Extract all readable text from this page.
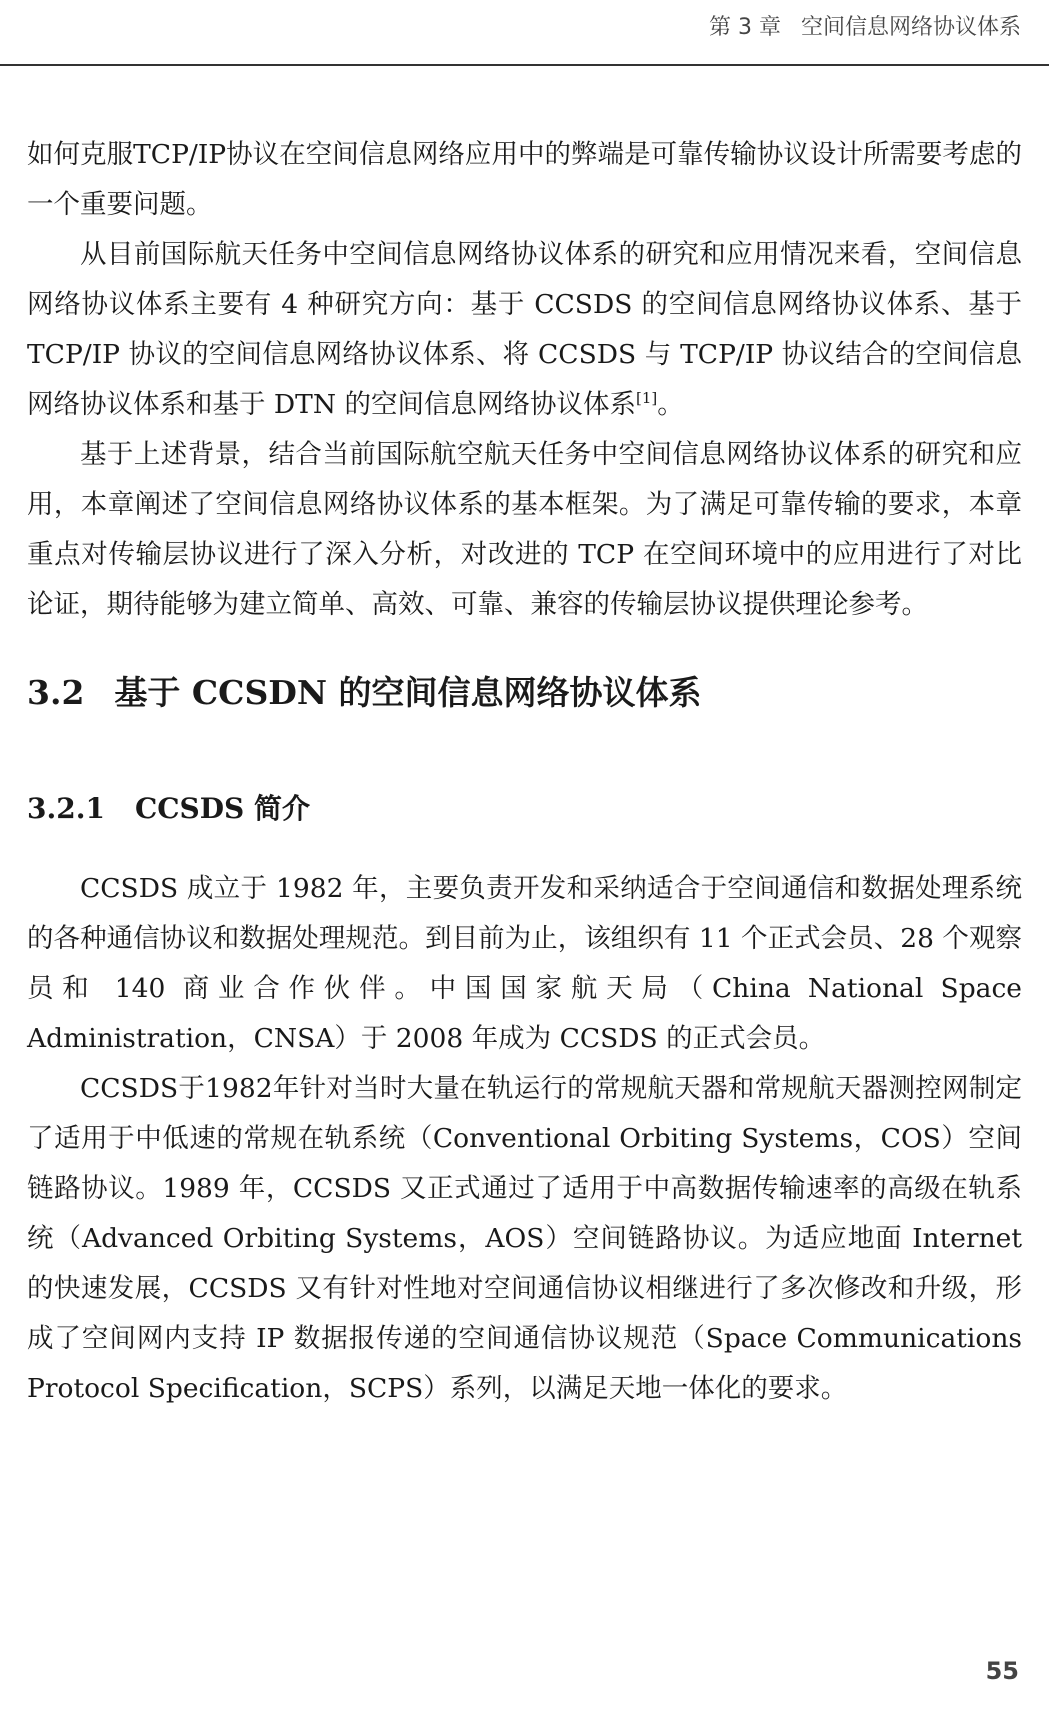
第 3 章 空间信息网络协议体系

如何克服TCP/IP协议在空间信息网络应用中的弊端是可靠传输协议设计所需要考虑的一个重要问题。

从目前国际航天任务中空间信息网络协议体系的研究和应用情况来看，空间信息网络协议体系主要有 4 种研究方向：基于 CCSDS 的空间信息网络协议体系、基于 TCP/IP 协议的空间信息网络协议体系、将 CCSDS 与 TCP/IP 协议结合的空间信息网络协议体系和基于 DTN 的空间信息网络协议体系[1]。

基于上述背景，结合当前国际航空航天任务中空间信息网络协议体系的研究和应用，本章阐述了空间信息网络协议体系的基本框架。为了满足可靠传输的要求，本章重点对传输层协议进行了深入分析，对改进的 TCP 在空间环境中的应用进行了对比论证，期待能够为建立简单、高效、可靠、兼容的传输层协议提供理论参考。

3.2 基于 CCSDN 的空间信息网络协议体系
3.2.1 CCSDS 简介

CCSDS 成立于 1982 年，主要负责开发和采纳适合于空间通信和数据处理系统的各种通信协议和数据处理规范。到目前为止，该组织有 11 个正式会员、28 个观察员和 140 商业合作伙伴。中国国家航天局（China National Space Administration，CNSA）于 2008 年成为 CCSDS 的正式会员。

CCSDS于1982年针对当时大量在轨运行的常规航天器和常规航天器测控网制定了适用于中低速的常规在轨系统（Conventional Orbiting Systems，COS）空间链路协议。1989 年，CCSDS 又正式通过了适用于中高数据传输速率的高级在轨系统（Advanced Orbiting Systems，AOS）空间链路协议。为适应地面 Internet 的快速发展，CCSDS 又有针对性地对空间通信协议相继进行了多次修改和升级，形成了空间网内支持 IP 数据报传递的空间通信协议规范（Space Communications Protocol Specification，SCPS）系列，以满足天地一体化的要求。

55
